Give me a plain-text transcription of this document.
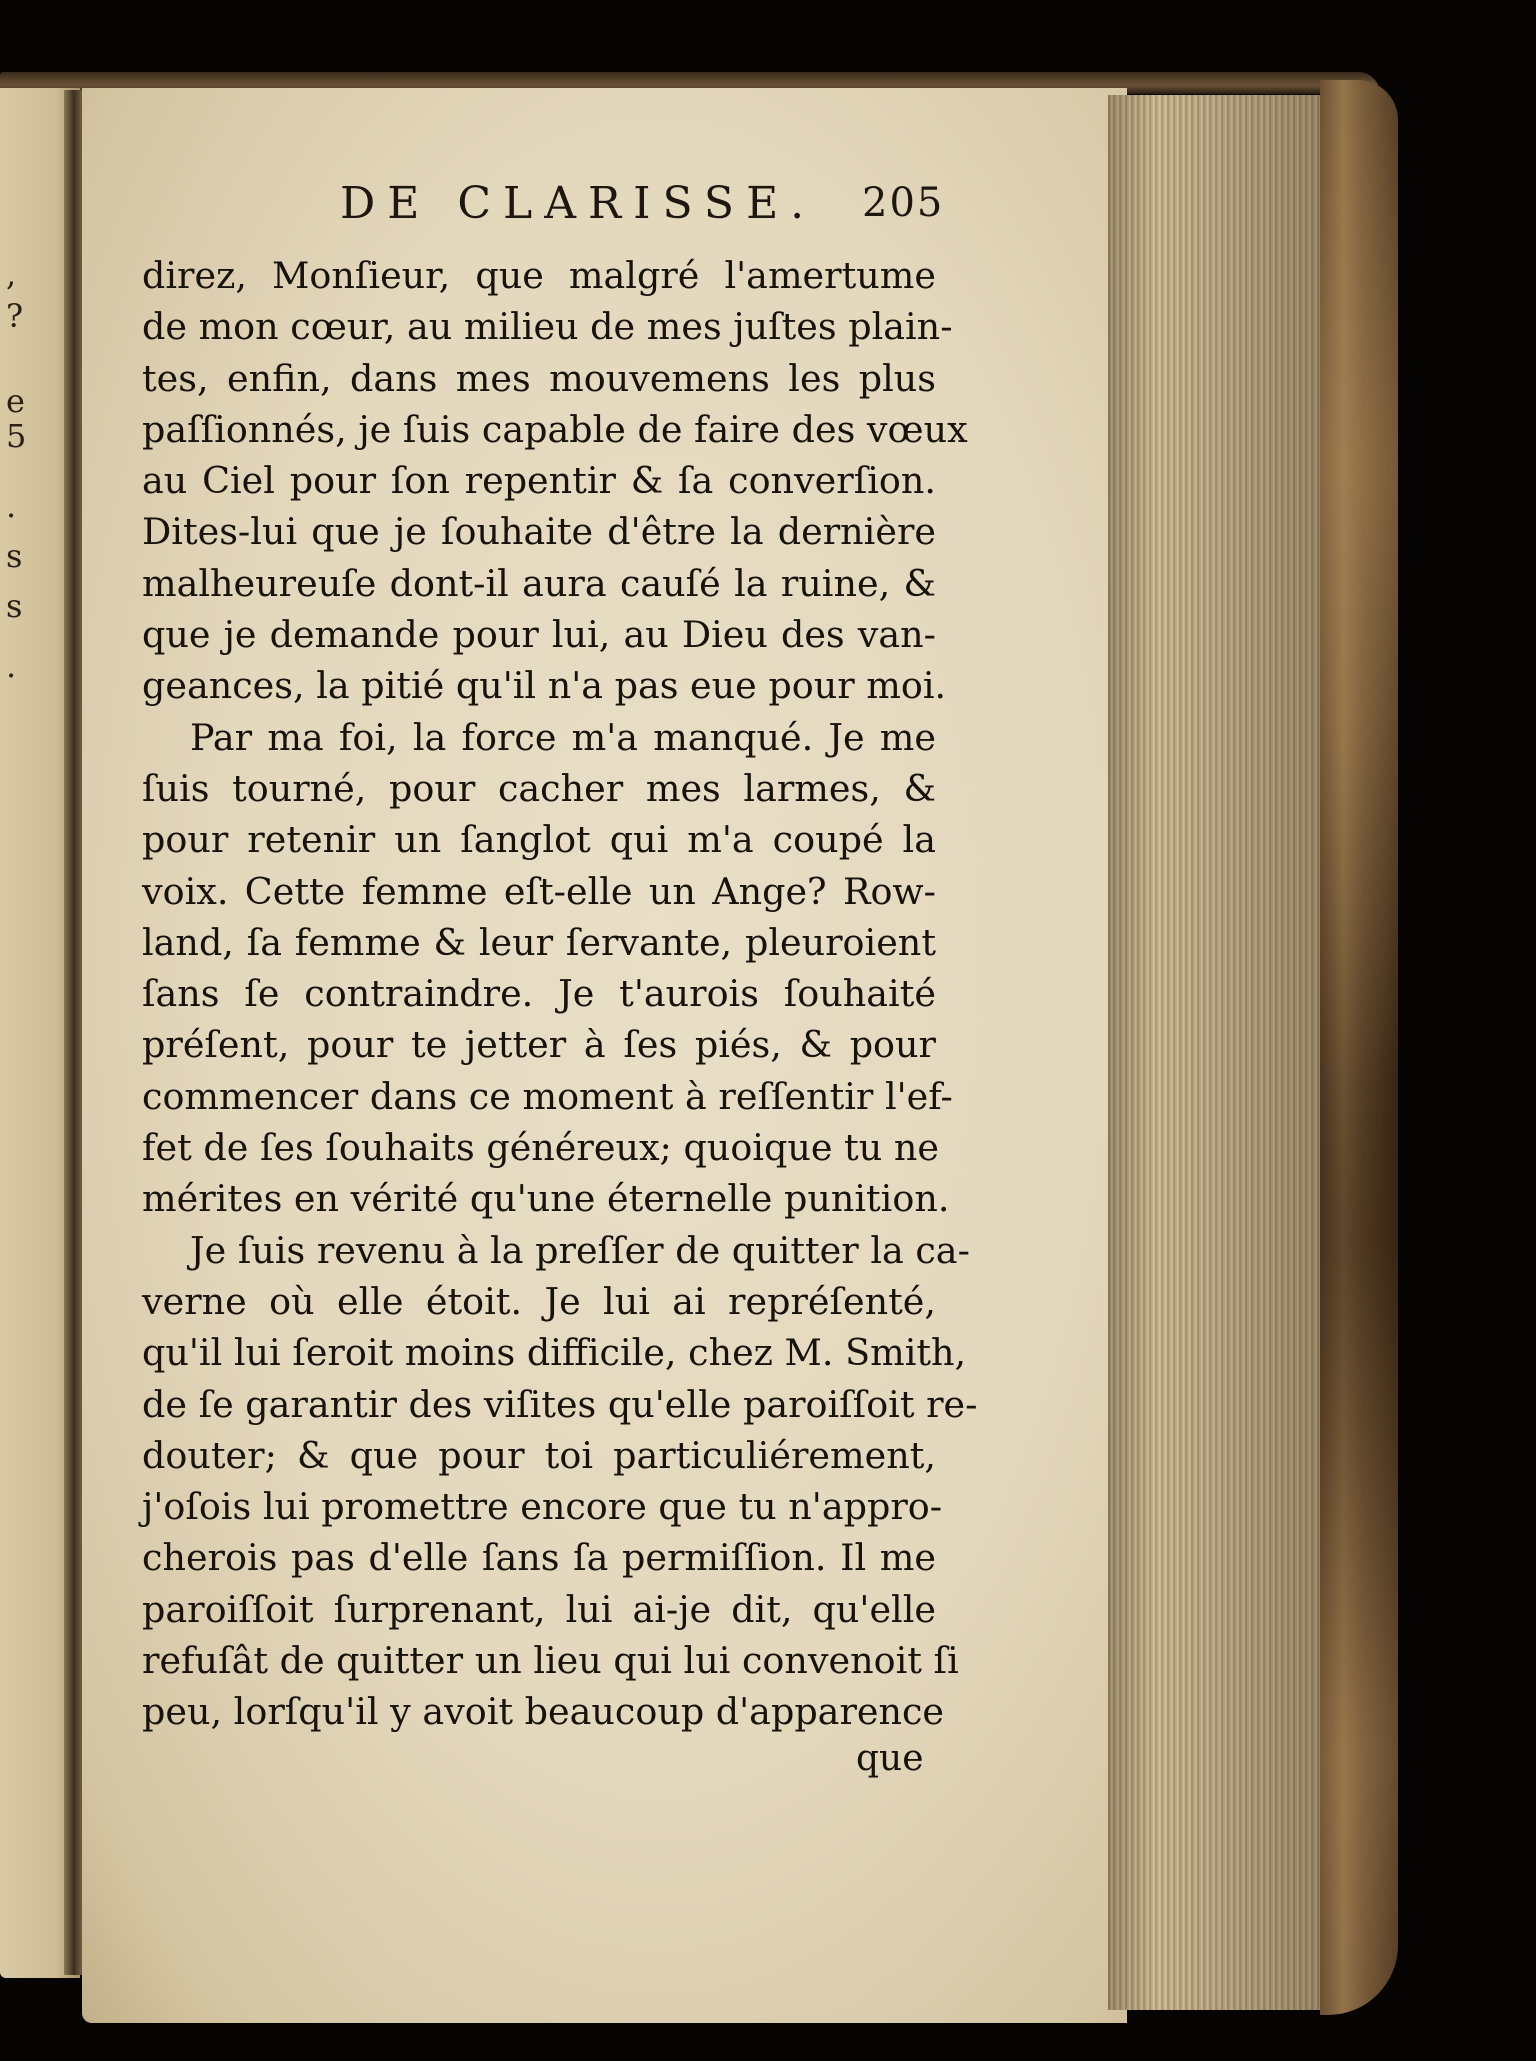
,
?
e
5
.
s
s
.
DE CLARISSE. 205
direz, Monſieur, que malgré l'amertume
de mon cœur, au milieu de mes juſtes plain-
tes, enfin, dans mes mouvemens les plus
paſſionnés, je ſuis capable de faire des vœux
au Ciel pour ſon repentir & ſa converſion.
Dites-lui que je ſouhaite d'être la dernière
malheureuſe dont-il aura cauſé la ruine, &
que je demande pour lui, au Dieu des van-
geances, la pitié qu'il n'a pas eue pour moi.
Par ma foi, la force m'a manqué. Je me
ſuis tourné, pour cacher mes larmes, &
pour retenir un ſanglot qui m'a coupé la
voix. Cette femme eſt-elle un Ange? Row-
land, ſa femme & leur ſervante, pleuroient
ſans ſe contraindre. Je t'aurois ſouhaité
préſent, pour te jetter à ſes piés, & pour
commencer dans ce moment à reſſentir l'ef-
fet de ſes ſouhaits généreux; quoique tu ne
mérites en vérité qu'une éternelle punition.
Je ſuis revenu à la preſſer de quitter la ca-
verne où elle étoit. Je lui ai repréſenté,
qu'il lui ſeroit moins difficile, chez M. Smith,
de ſe garantir des viſites qu'elle paroiſſoit re-
douter; & que pour toi particuliérement,
j'oſois lui promettre encore que tu n'appro-
cherois pas d'elle ſans ſa permiſſion. Il me
paroiſſoit ſurprenant, lui ai-je dit, qu'elle
refuſât de quitter un lieu qui lui convenoit ſi
peu, lorſqu'il y avoit beaucoup d'apparence
que
